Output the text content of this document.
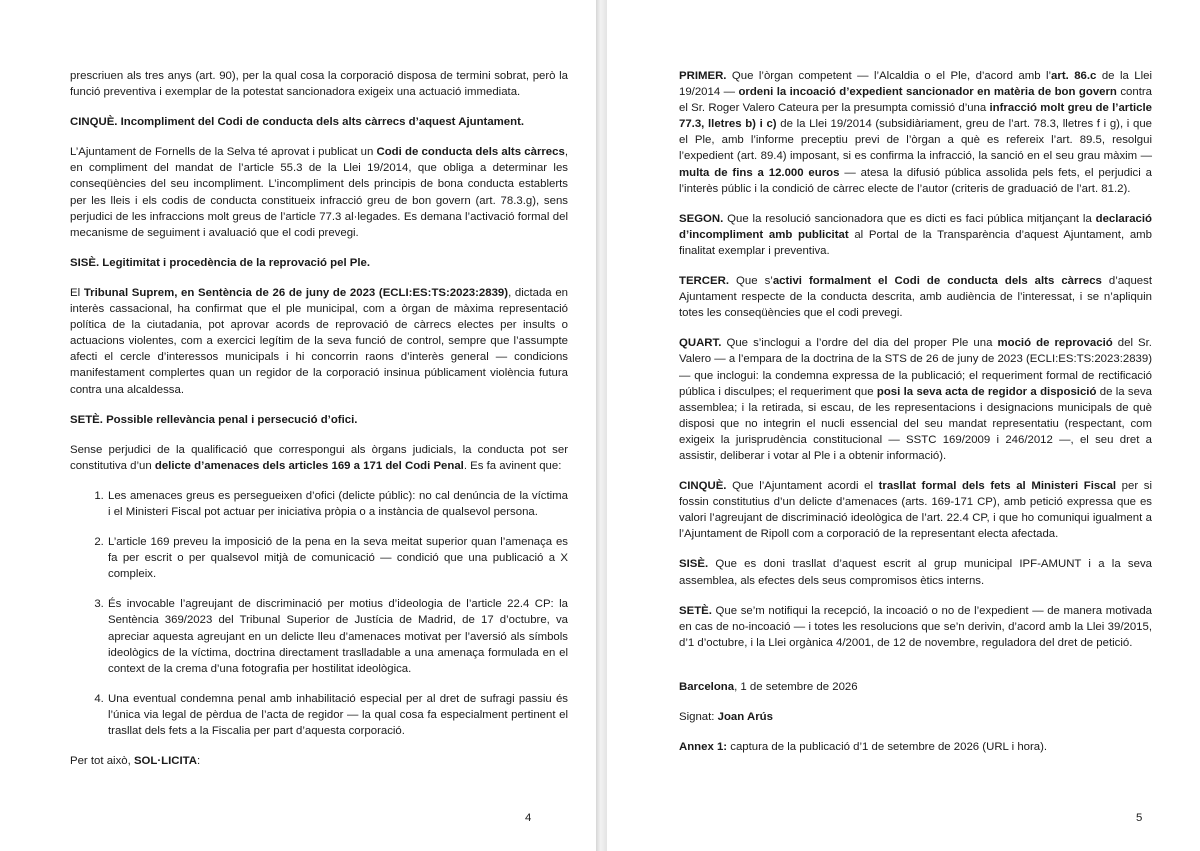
prescriuen als tres anys (art. 90), per la qual cosa la corporació disposa de termini sobrat, però la funció preventiva i exemplar de la potestat sancionadora exigeix una actuació immediata.

CINQUÈ. Incompliment del Codi de conducta dels alts càrrecs d’aquest Ajuntament.

L’Ajuntament de Fornells de la Selva té aprovat i publicat un Codi de conducta dels alts càrrecs, en compliment del mandat de l’article 55.3 de la Llei 19/2014, que obliga a determinar les conseqüències del seu incompliment. L’incompliment dels principis de bona conducta establerts per les lleis i els codis de conducta constitueix infracció greu de bon govern (art. 78.3.g), sens perjudici de les infraccions molt greus de l’article 77.3 al·legades. Es demana l’activació formal del mecanisme de seguiment i avaluació que el codi prevegi.

SISÈ. Legitimitat i procedència de la reprovació pel Ple.

El Tribunal Suprem, en Sentència de 26 de juny de 2023 (ECLI:ES:TS:2023:2839), dictada en interès cassacional, ha confirmat que el ple municipal, com a òrgan de màxima representació política de la ciutadania, pot aprovar acords de reprovació de càrrecs electes per insults o actuacions violentes, com a exercici legítim de la seva funció de control, sempre que l’assumpte afecti el cercle d’interessos municipals i hi concorrin raons d’interès general — condicions manifestament complertes quan un regidor de la corporació insinua públicament violència futura contra una alcaldessa.

SETÈ. Possible rellevància penal i persecució d’ofici.

Sense perjudici de la qualificació que correspongui als òrgans judicials, la conducta pot ser constitutiva d’un delicte d’amenaces dels articles 169 a 171 del Codi Penal. Es fa avinent que:

1. Les amenaces greus es persegueixen d’ofici (delicte públic): no cal denúncia de la víctima i el Ministeri Fiscal pot actuar per iniciativa pròpia o a instància de qualsevol persona.
2. L’article 169 preveu la imposició de la pena en la seva meitat superior quan l’amenaça es fa per escrit o per qualsevol mitjà de comunicació — condició que una publicació a X compleix.
3. És invocable l’agreujant de discriminació per motius d’ideologia de l’article 22.4 CP: la Sentència 369/2023 del Tribunal Superior de Justícia de Madrid, de 17 d’octubre, va apreciar aquesta agreujant en un delicte lleu d’amenaces motivat per l’aversió als símbols ideològics de la víctima, doctrina directament traslladable a una amenaça formulada en el context de la crema d’una fotografia per hostilitat ideològica.
4. Una eventual condemna penal amb inhabilitació especial per al dret de sufragi passiu és l’única via legal de pèrdua de l’acta de regidor — la qual cosa fa especialment pertinent el trasllat dels fets a la Fiscalia per part d’aquesta corporació.

Per tot això, SOL·LICITA:

4

PRIMER. Que l’òrgan competent — l’Alcaldia o el Ple, d’acord amb l’art. 86.c de la Llei 19/2014 — ordeni la incoació d’expedient sancionador en matèria de bon govern contra el Sr. Roger Valero Cateura per la presumpta comissió d’una infracció molt greu de l’article 77.3, lletres b) i c) de la Llei 19/2014 (subsidiàriament, greu de l’art. 78.3, lletres f i g), i que el Ple, amb l’informe preceptiu previ de l’òrgan a què es refereix l’art. 89.5, resolgui l’expedient (art. 89.4) imposant, si es confirma la infracció, la sanció en el seu grau màxim — multa de fins a 12.000 euros — atesa la difusió pública assolida pels fets, el perjudici a l’interès públic i la condició de càrrec electe de l’autor (criteris de graduació de l’art. 81.2).

SEGON. Que la resolució sancionadora que es dicti es faci pública mitjançant la declaració d’incompliment amb publicitat al Portal de la Transparència d’aquest Ajuntament, amb finalitat exemplar i preventiva.

TERCER. Que s’activi formalment el Codi de conducta dels alts càrrecs d’aquest Ajuntament respecte de la conducta descrita, amb audiència de l’interessat, i se n’apliquin totes les conseqüències que el codi prevegi.

QUART. Que s’inclogui a l’ordre del dia del proper Ple una moció de reprovació del Sr. Valero — a l’empara de la doctrina de la STS de 26 de juny de 2023 (ECLI:ES:TS:2023:2839) — que inclogui: la condemna expressa de la publicació; el requeriment formal de rectificació pública i disculpes; el requeriment que posi la seva acta de regidor a disposició de la seva assemblea; i la retirada, si escau, de les representacions i designacions municipals de què disposi que no integrin el nucli essencial del seu mandat representatiu (respectant, com exigeix la jurisprudència constitucional — SSTC 169/2009 i 246/2012 —, el seu dret a assistir, deliberar i votar al Ple i a obtenir informació).

CINQUÈ. Que l’Ajuntament acordi el trasllat formal dels fets al Ministeri Fiscal per si fossin constitutius d’un delicte d’amenaces (arts. 169-171 CP), amb petició expressa que es valori l’agreujant de discriminació ideològica de l’art. 22.4 CP, i que ho comuniqui igualment a l’Ajuntament de Ripoll com a corporació de la representant electa afectada.

SISÈ. Que es doni trasllat d’aquest escrit al grup municipal IPF-AMUNT i a la seva assemblea, als efectes dels seus compromisos ètics interns.

SETÈ. Que se’m notifiqui la recepció, la incoació o no de l’expedient — de manera motivada en cas de no-incoació — i totes les resolucions que se’n derivin, d’acord amb la Llei 39/2015, d’1 d’octubre, i la Llei orgànica 4/2001, de 12 de novembre, reguladora del dret de petició.

Barcelona, 1 de setembre de 2026

Signat: Joan Arús

Annex 1: captura de la publicació d’1 de setembre de 2026 (URL i hora).

5
